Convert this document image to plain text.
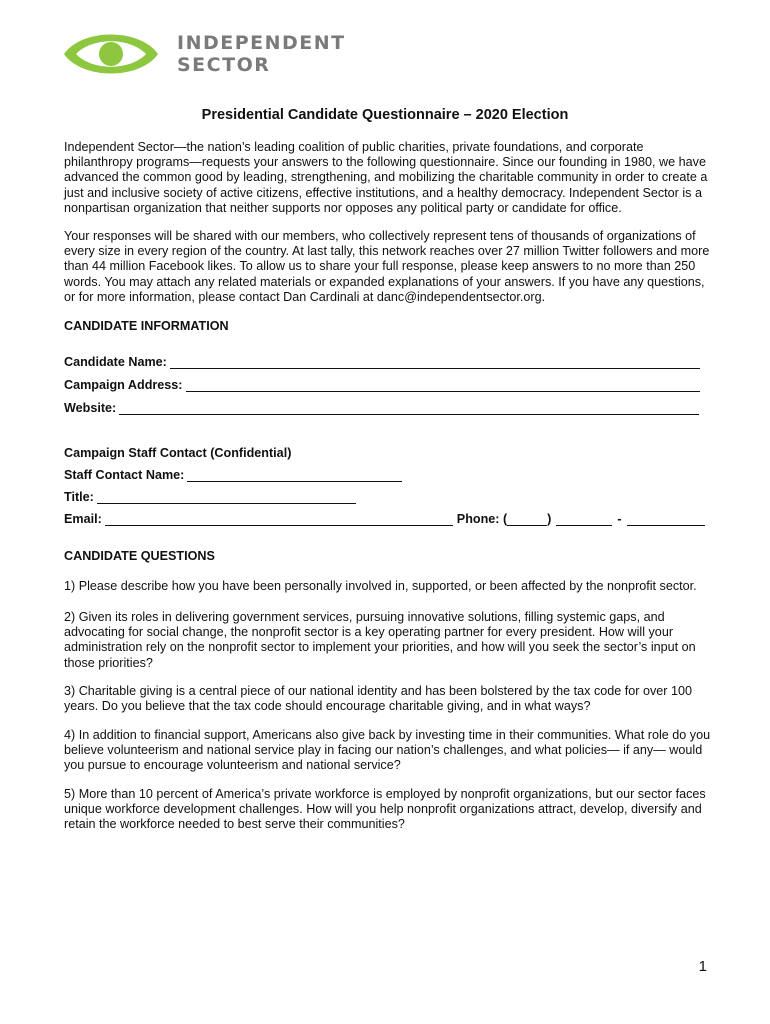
INDEPENDENT
SECTOR
Presidential Candidate Questionnaire – 2020 Election

Independent Sector—the nation’s leading coalition of public charities, private foundations, and corporate philanthropy programs—requests your answers to the following questionnaire. Since our founding in 1980, we have advanced the common good by leading, strengthening, and mobilizing the charitable community in order to create a just and inclusive society of active citizens, effective institutions, and a healthy democracy. Independent Sector is a nonpartisan organization that neither supports nor opposes any political party or candidate for office.

Your responses will be shared with our members, who collectively represent tens of thousands of organizations of every size in every region of the country. At last tally, this network reaches over 27 million Twitter followers and more than 44 million Facebook likes. To allow us to share your full response, please keep answers to no more than 250 words. You may attach any related materials or expanded explanations of your answers. If you have any questions, or for more information, please contact Dan Cardinali at danc@independentsector.org.

CANDIDATE INFORMATION
Candidate Name:
Campaign Address:
Website:
Campaign Staff Contact (Confidential)
Staff Contact Name:
Title:
Email:	Phone: (	)	-
CANDIDATE QUESTIONS

1) Please describe how you have been personally involved in, supported, or been affected by the nonprofit sector.

2) Given its roles in delivering government services, pursuing innovative solutions, filling systemic gaps, and advocating for social change, the nonprofit sector is a key operating partner for every president. How will your administration rely on the nonprofit sector to implement your priorities, and how will you seek the sector’s input on those priorities?

3) Charitable giving is a central piece of our national identity and has been bolstered by the tax code for over 100 years. Do you believe that the tax code should encourage charitable giving, and in what ways?

4) In addition to financial support, Americans also give back by investing time in their communities. What role do you believe volunteerism and national service play in facing our nation’s challenges, and what policies— if any— would you pursue to encourage volunteerism and national service?

5) More than 10 percent of America’s private workforce is employed by nonprofit organizations, but our sector faces unique workforce development challenges. How will you help nonprofit organizations attract, develop, diversify and retain the workforce needed to best serve their communities?

1
